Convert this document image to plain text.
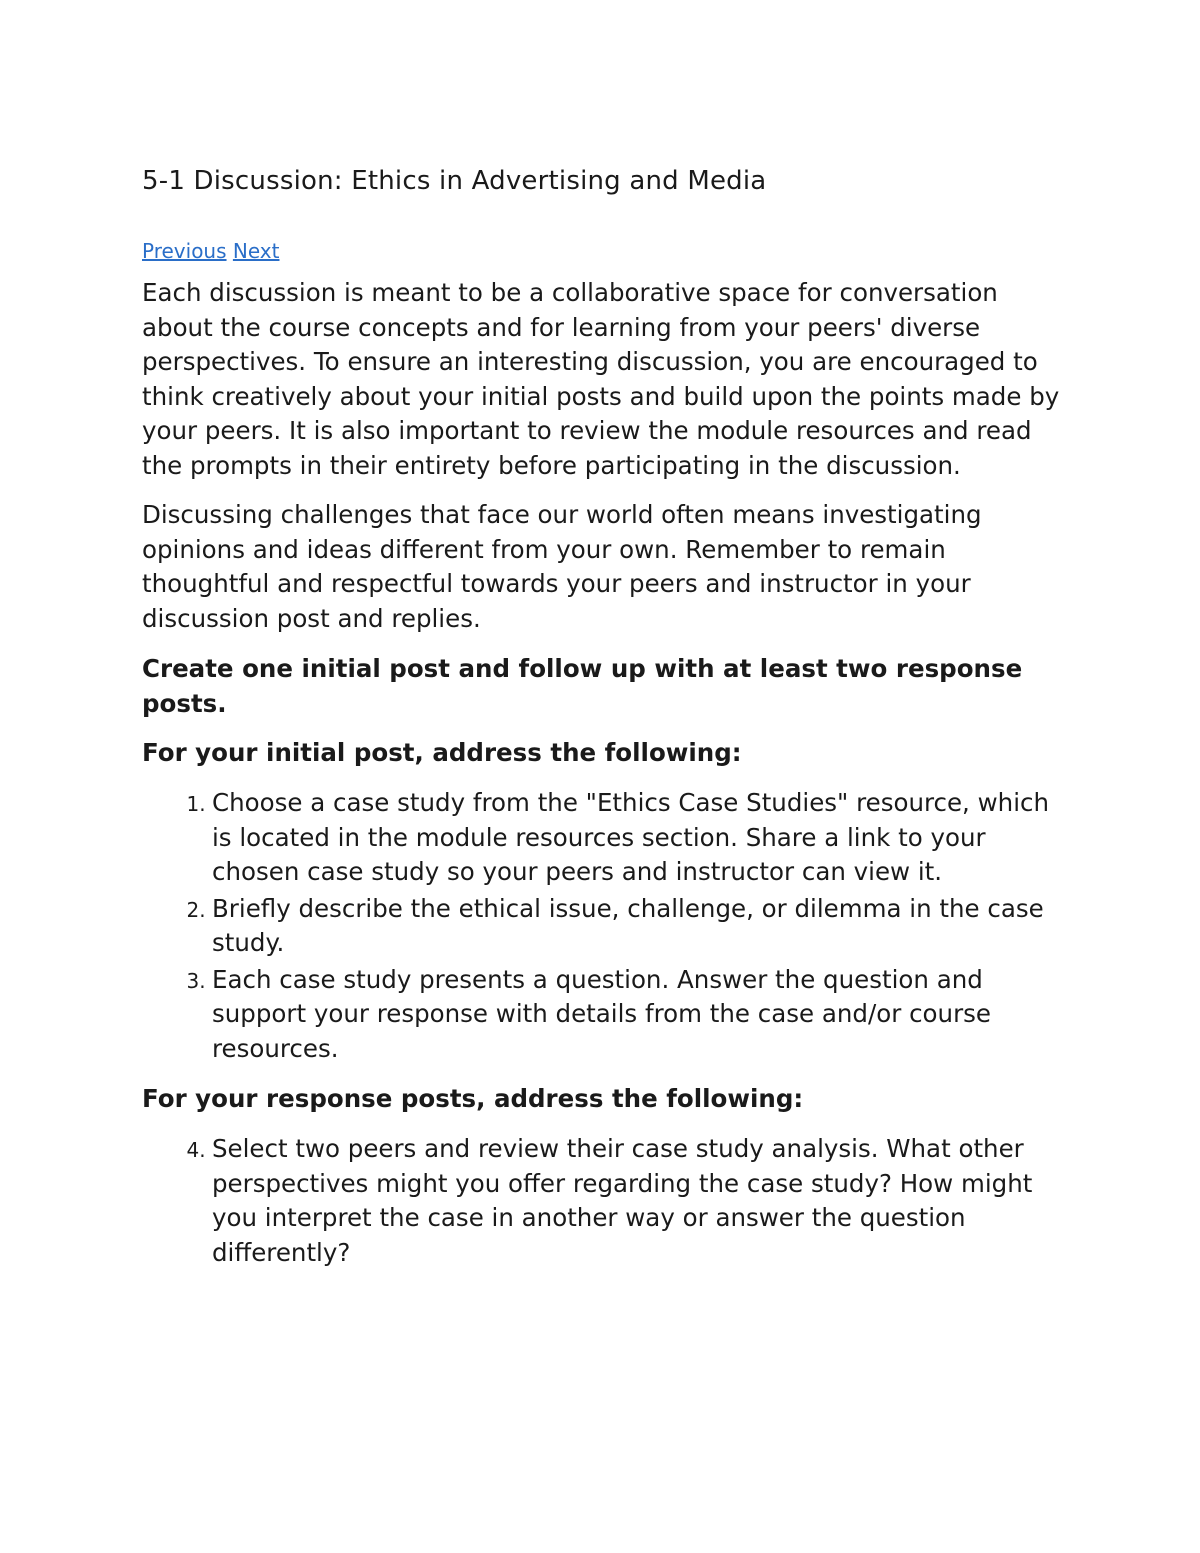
5-1 Discussion: Ethics in Advertising and Media
Previous Next

Each discussion is meant to be a collaborative space for conversation about the course concepts and for learning from your peers' diverse perspectives. To ensure an interesting discussion, you are encouraged to think creatively about your initial posts and build upon the points made by your peers. It is also important to review the module resources and read the prompts in their entirety before participating in the discussion.

Discussing challenges that face our world often means investigating opinions and ideas different from your own. Remember to remain thoughtful and respectful towards your peers and instructor in your discussion post and replies.

Create one initial post and follow up with at least two response posts.

For your initial post, address the following:

1. Choose a case study from the "Ethics Case Studies" resource, which is located in the module resources section. Share a link to your chosen case study so your peers and instructor can view it.
2. Briefly describe the ethical issue, challenge, or dilemma in the case study.
3. Each case study presents a question. Answer the question and support your response with details from the case and/or course resources.

For your response posts, address the following:

4. Select two peers and review their case study analysis. What other perspectives might you offer regarding the case study? How might you interpret the case in another way or answer the question differently?
